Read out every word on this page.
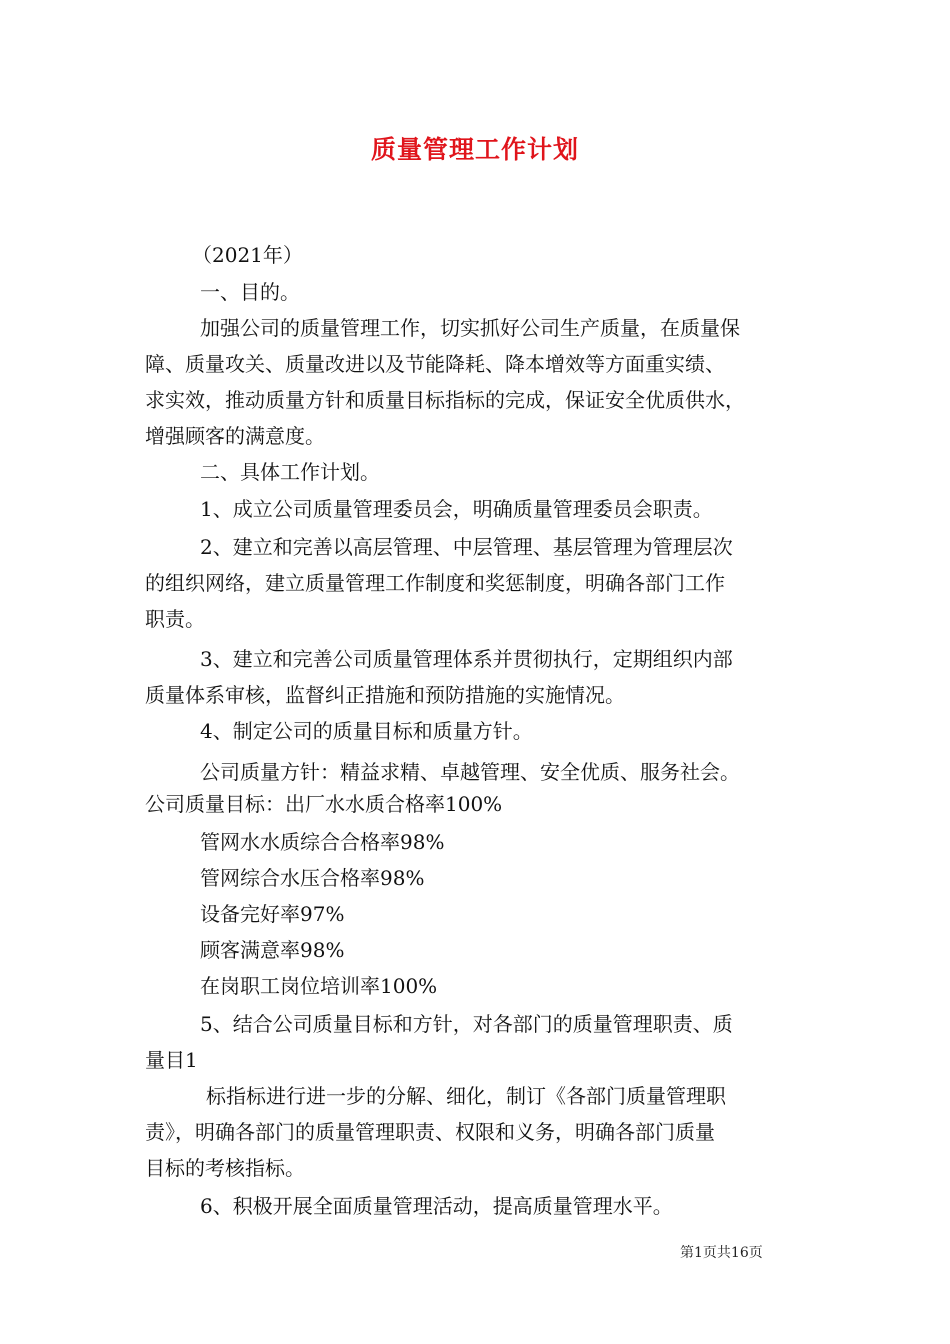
质量管理工作计划
（2021年）
一、目的。
加强公司的质量管理工作，切实抓好公司生产质量，在质量保
障、质量攻关、质量改进以及节能降耗、降本增效等方面重实绩、
求实效，推动质量方针和质量目标指标的完成，保证安全优质供水，
增强顾客的满意度。
二、具体工作计划。
1、成立公司质量管理委员会，明确质量管理委员会职责。
2、建立和完善以高层管理、中层管理、基层管理为管理层次
的组织网络，建立质量管理工作制度和奖惩制度，明确各部门工作
职责。
3、建立和完善公司质量管理体系并贯彻执行，定期组织内部
质量体系审核，监督纠正措施和预防措施的实施情况。
4、制定公司的质量目标和质量方针。
公司质量方针：精益求精、卓越管理、安全优质、服务社会。
公司质量目标：出厂水水质合格率100%
管网水水质综合合格率98%
管网综合水压合格率98%
设备完好率97%
顾客满意率98%
在岗职工岗位培训率100%
5、结合公司质量目标和方针，对各部门的质量管理职责、质
量目1
标指标进行进一步的分解、细化，制订《各部门质量管理职
责》，明确各部门的质量管理职责、权限和义务，明确各部门质量
目标的考核指标。
6、积极开展全面质量管理活动，提高质量管理水平。
第1页共16页
